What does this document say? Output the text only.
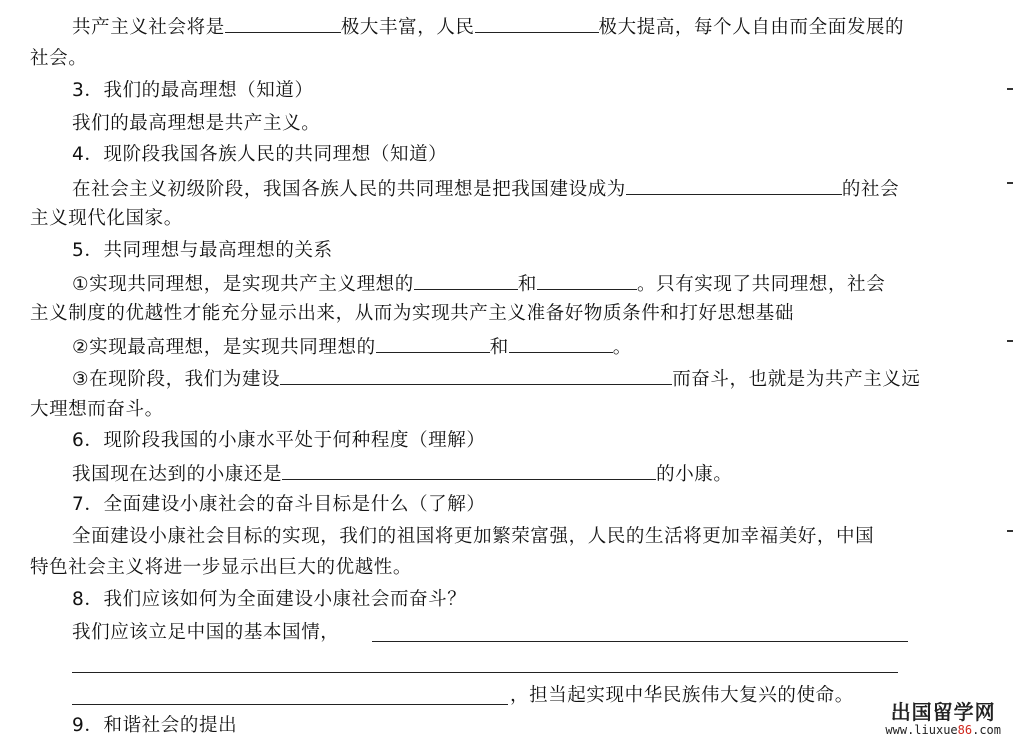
共产主义社会将是	极大丰富，人民	极大提高，每个人自由而全面发展的
社会。
3．我们的最高理想（知道）
我们的最高理想是共产主义。
4．现阶段我国各族人民的共同理想（知道）
在社会主义初级阶段，我国各族人民的共同理想是把我国建设成为	的社会
主义现代化国家。
5．共同理想与最高理想的关系
①实现共同理想，是实现共产主义理想的	和	。只有实现了共同理想，社会
主义制度的优越性才能充分显示出来，从而为实现共产主义准备好物质条件和打好思想基础
②实现最高理想，是实现共同理想的	和	。
③在现阶段，我们为建设	而奋斗，也就是为共产主义远
大理想而奋斗。
6．现阶段我国的小康水平处于何种程度（理解）
我国现在达到的小康还是	的小康。
7．全面建设小康社会的奋斗目标是什么（了解）
全面建设小康社会目标的实现，我们的祖国将更加繁荣富强，人民的生活将更加幸福美好，中国
特色社会主义将进一步显示出巨大的优越性。
8．我们应该如何为全面建设小康社会而奋斗？
我们应该立足中国的基本国情，
，担当起实现中华民族伟大复兴的使命。
9．和谐社会的提出
出国留学网
www.liuxue86.com
